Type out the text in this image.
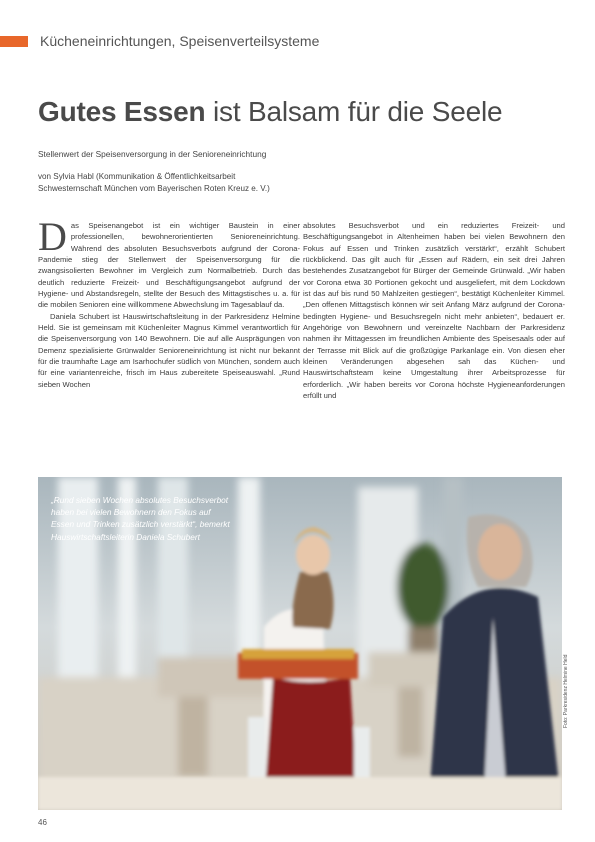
Kücheneinrichtungen, Speisenverteilsysteme
Gutes Essen ist Balsam für die Seele
Stellenwert der Speisenversorgung in der Senioreneinrichtung
von Sylvia Habl (Kommunikation & Öffentlichkeitsarbeit
Schwesternschaft München vom Bayerischen Roten Kreuz e. V.)

Das Speisenangebot ist ein wichtiger Baustein in einer professionellen, bewohnerorientierten Senioreneinrichtung. Während des absoluten Besuchsverbots aufgrund der Corona-Pandemie stieg der Stellenwert der Speisenversorgung für die zwangsisolierten Bewohner im Vergleich zum Normalbetrieb. Durch das deutlich reduzierte Freizeit- und Beschäftigungsangebot aufgrund der Hygiene- und Abstandsregeln, stellte der Besuch des Mittagstisches u. a. für die mobilen Senioren eine willkommene Abwechslung im Tagesablauf da.

Daniela Schubert ist Hauswirtschaftsleitung in der Parkresidenz Helmine Held. Sie ist gemeinsam mit Küchenleiter Magnus Kimmel verantwortlich für die Speisenversorgung von 140 Bewohnern. Die auf alle Ausprägungen von Demenz spezialisierte Grünwalder Senioreneinrichtung ist nicht nur bekannt für die traumhafte Lage am Isarhochufer südlich von München, sondern auch für eine variantenreiche, frisch im Haus zubereitete Speiseauswahl. „Rund sieben Wochen

absolutes Besuchsverbot und ein reduziertes Freizeit- und Beschäftigungsangebot in Altenheimen haben bei vielen Bewohnern den Fokus auf Essen und Trinken zusätzlich verstärkt“, erzählt Schubert rückblickend. Das gilt auch für „Essen auf Rädern, ein seit drei Jahren bestehendes Zusatzangebot für Bürger der Gemeinde Grünwald. „Wir haben vor Corona etwa 30 Portionen gekocht und ausgeliefert, mit dem Lockdown ist das auf bis rund 50 Mahlzeiten gestiegen“, bestätigt Küchenleiter Kimmel. „Den offenen Mittagstisch können wir seit Anfang März aufgrund der Corona-bedingten Hygiene- und Besuchsregeln nicht mehr anbieten“, bedauert er. Angehörige von Bewohnern und vereinzelte Nachbarn der Parkresidenz nahmen ihr Mittagessen im freundlichen Ambiente des Speisesaals oder auf der Terrasse mit Blick auf die großzügige Parkanlage ein. Von diesen eher kleinen Veränderungen abgesehen sah das Küchen- und Hauswirtschaftsteam keine Umgestaltung ihrer Arbeitsprozesse für erforderlich. „Wir haben bereits vor Corona höchste Hygieneanforderungen erfüllt und

„Rund sieben Wochen absolutes Besuchsverbot haben bei vielen Bewohnern den Fokus auf Essen und Trinken zusätzlich verstärkt“, bemerkt Hauswirtschaftsleiterin Daniela Schubert
Foto: Parkresidenz Helmine Held
46
